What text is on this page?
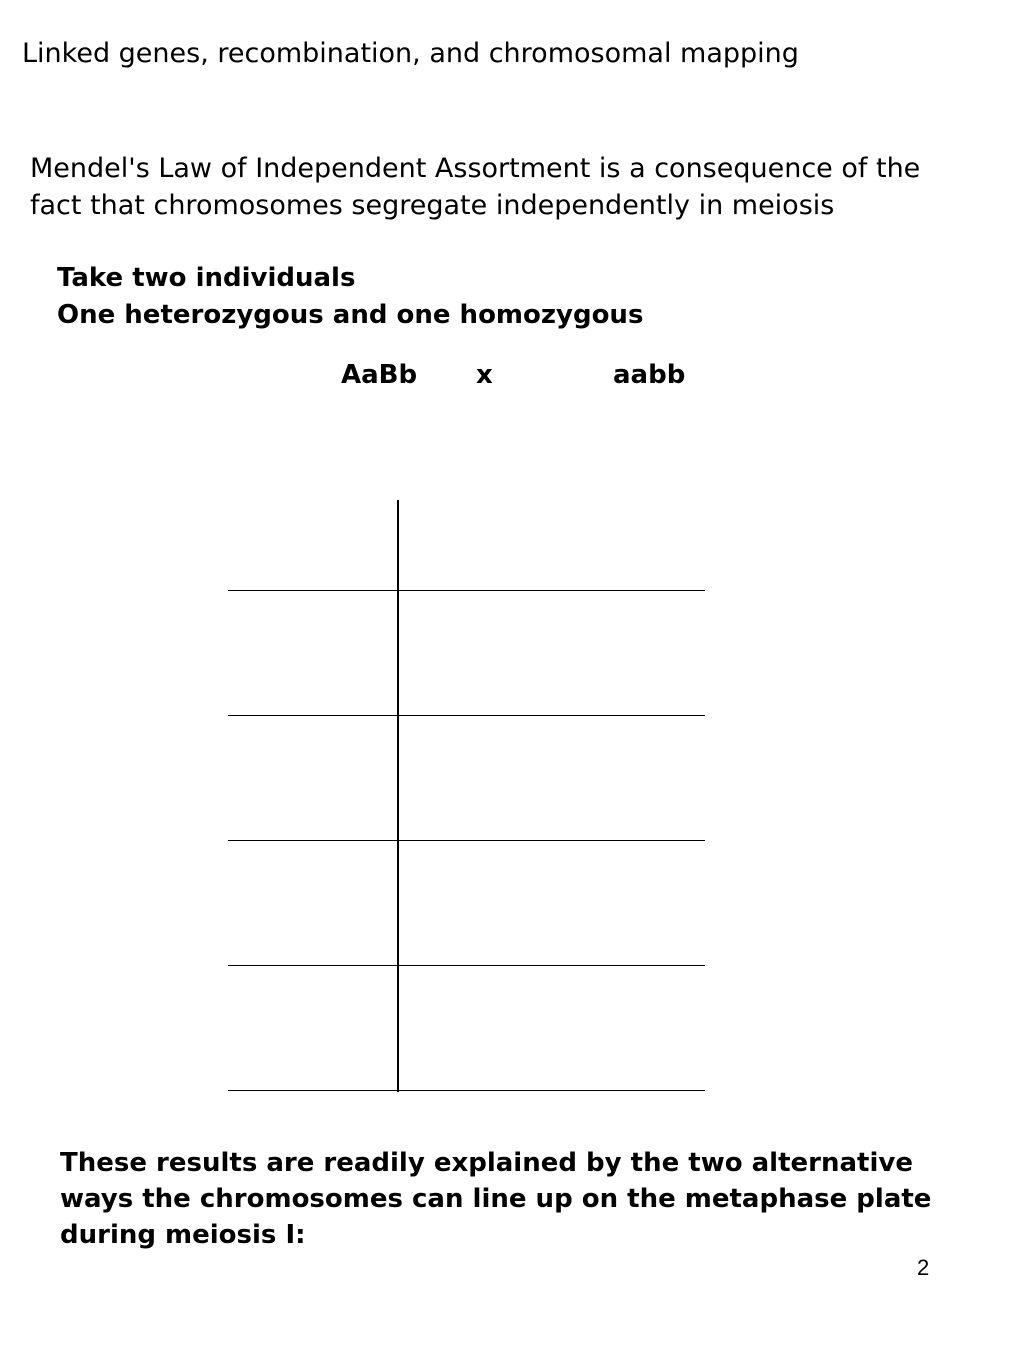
Linked genes, recombination, and chromosomal mapping
Mendel's Law of Independent Assortment is a consequence of the
fact that chromosomes segregate independently in meiosis
Take two individuals
One heterozygous and one homozygous
AaBb x	aabb
These results are readily explained by the two alternative
ways the chromosomes can line up on the metaphase plate
during meiosis I:
2
